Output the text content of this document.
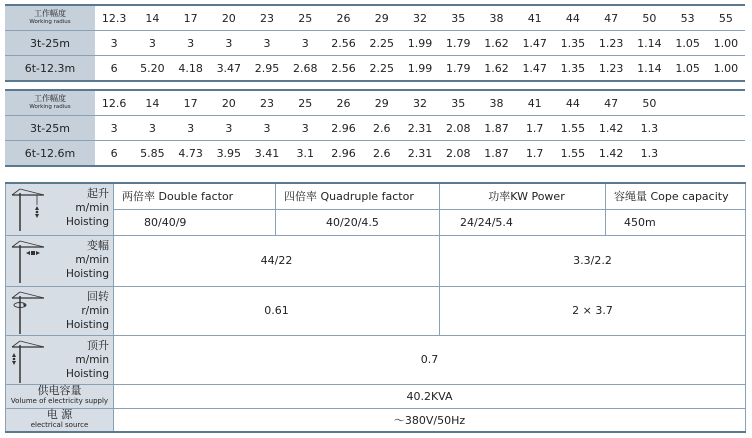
工作幅度
Working radius	12.3	14	17	20	23	25	26	29	32	35	38	41	44	47	50	53	55
3t-25m	3	3	3	3	3	3	2.56	2.25	1.99	1.79	1.62	1.47	1.35	1.23	1.14	1.05	1.00
6t-12.3m	6	5.20	4.18	3.47	2.95	2.68	2.56	2.25	1.99	1.79	1.62	1.47	1.35	1.23	1.14	1.05	1.00
工作幅度
Working radius	12.6	14	17	20	23	25	26	29	32	35	38	41	44	47	50		
3t-25m	3	3	3	3	3	3	2.96	2.6	2.31	2.08	1.87	1.7	1.55	1.42	1.3		
6t-12.6m	6	5.85	4.73	3.95	3.41	3.1	2.96	2.6	2.31	2.08	1.87	1.7	1.55	1.42	1.3		
起升
m/min
Hoisting	两倍率 Double factor	四倍率 Quadruple factor	功率KW Power	容绳量 Cope capacity
	80/40/9	40/20/4.5	24/24/5.4	450m

变幅
m/min
Hoisting	44/22		3.3/2.2	

回转
r/min
Hoisting	0.61		2 × 3.7	

顶升
m/min
Hoisting	0.7			
供电容量
Volume of electricity supply	40.2KVA			
电 源
electrical source	～380V/50Hz			
